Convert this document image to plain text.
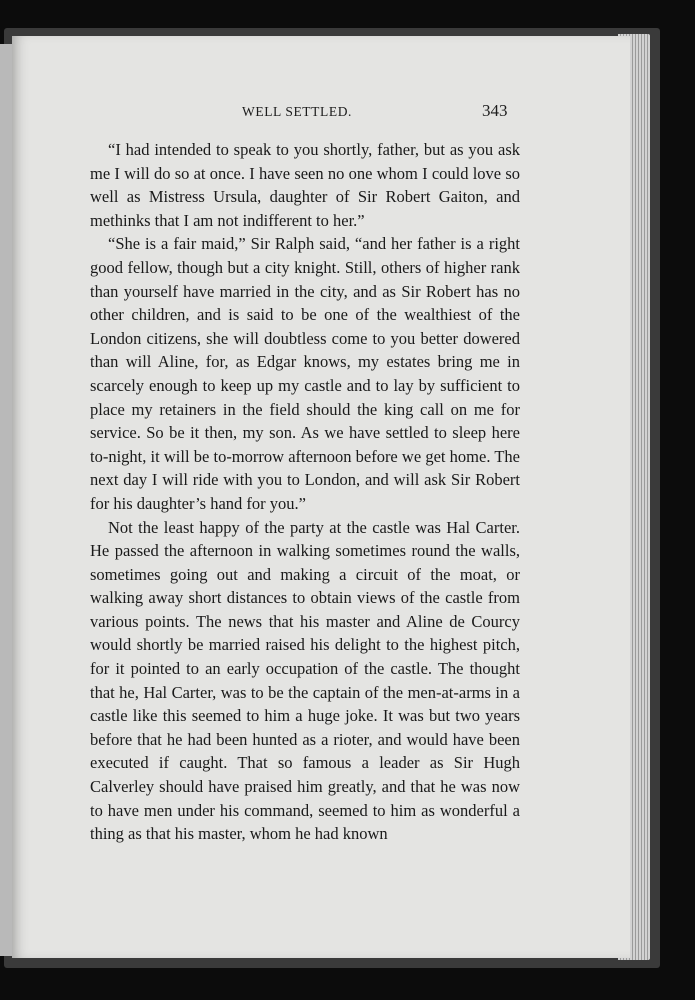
WELL SETTLED.	343

“I had intended to speak to you shortly, father, but as you ask me I will do so at once. I have seen no one whom I could love so well as Mistress Ursula, daughter of Sir Robert Gaiton, and methinks that I am not indifferent to her.”

“She is a fair maid,” Sir Ralph said, “and her father is a right good fellow, though but a city knight. Still, others of higher rank than yourself have married in the city, and as Sir Robert has no other children, and is said to be one of the wealthiest of the London citizens, she will doubtless come to you better dowered than will Aline, for, as Edgar knows, my estates bring me in scarcely enough to keep up my castle and to lay by sufficient to place my retainers in the field should the king call on me for service. So be it then, my son. As we have settled to sleep here to-night, it will be to-morrow afternoon before we get home. The next day I will ride with you to London, and will ask Sir Robert for his daughter’s hand for you.”

Not the least happy of the party at the castle was Hal Carter. He passed the afternoon in walking sometimes round the walls, sometimes going out and making a circuit of the moat, or walking away short distances to obtain views of the castle from various points. The news that his master and Aline de Courcy would shortly be married raised his delight to the highest pitch, for it pointed to an early occupation of the castle. The thought that he, Hal Carter, was to be the captain of the men-at-arms in a castle like this seemed to him a huge joke. It was but two years before that he had been hunted as a rioter, and would have been executed if caught. That so famous a leader as Sir Hugh Calverley should have praised him greatly, and that he was now to have men under his command, seemed to him as wonderful a thing as that his master, whom he had known
